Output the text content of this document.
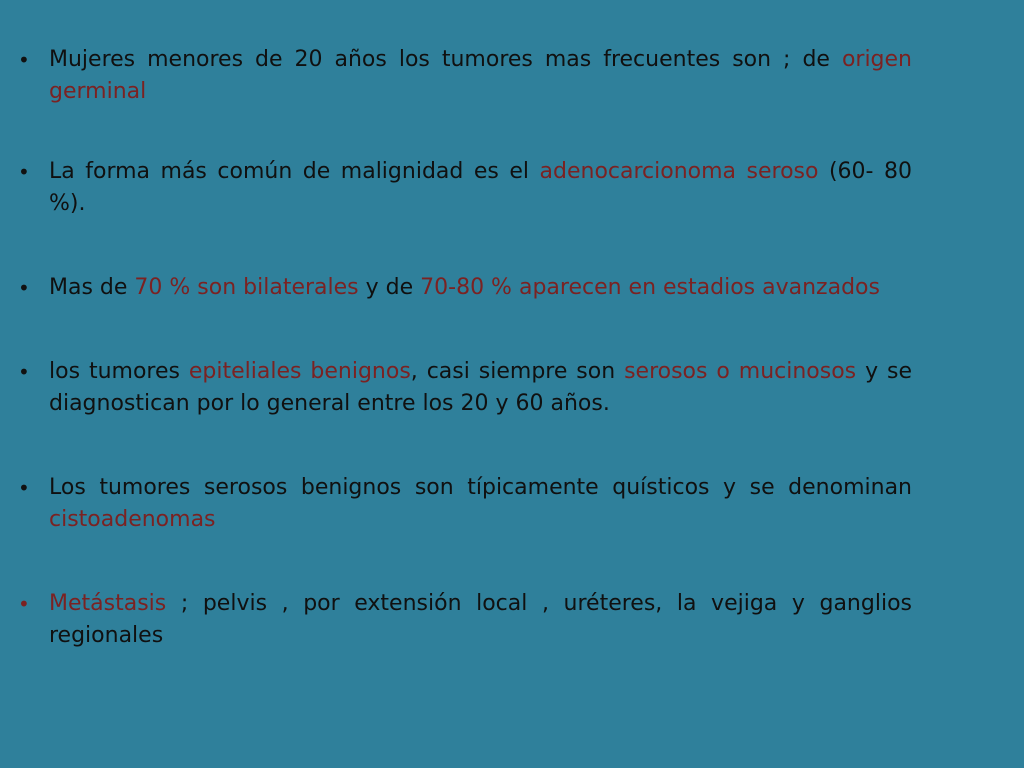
• Mujeres menores de 20 años los tumores mas frecuentes son ; de origen germinal

• La forma más común de malignidad es el adenocarcionoma seroso (60- 80 %).

• Mas de 70 % son bilaterales y de 70-80 % aparecen en estadios avanzados

• los tumores epiteliales benignos, casi siempre son serosos o mucinosos y se diagnostican por lo general entre los 20 y 60 años.

• Los tumores serosos benignos son típicamente quísticos y se denominan cistoadenomas

• Metástasis ; pelvis , por extensión local , uréteres, la vejiga y ganglios regionales
